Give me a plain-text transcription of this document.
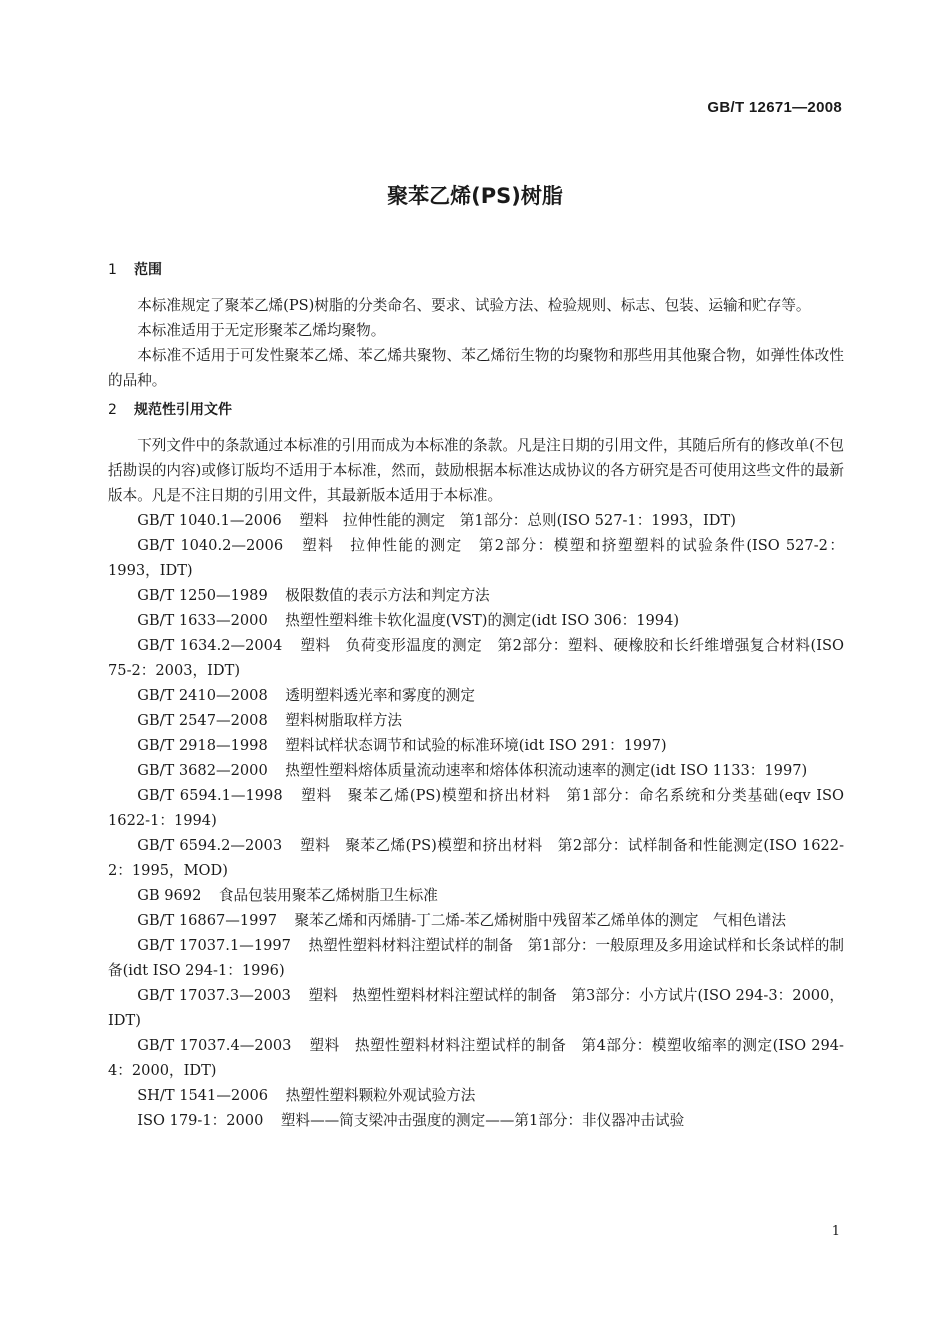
GB/T 12671—2008
聚苯乙烯(PS)树脂
1 范围

本标准规定了聚苯乙烯(PS)树脂的分类命名、要求、试验方法、检验规则、标志、包装、运输和贮存等。

本标准适用于无定形聚苯乙烯均聚物。

本标准不适用于可发性聚苯乙烯、苯乙烯共聚物、苯乙烯衍生物的均聚物和那些用其他聚合物，如弹性体改性的品种。

2 规范性引用文件

下列文件中的条款通过本标准的引用而成为本标准的条款。凡是注日期的引用文件，其随后所有的修改单(不包括勘误的内容)或修订版均不适用于本标准，然而，鼓励根据本标准达成协议的各方研究是否可使用这些文件的最新版本。凡是不注日期的引用文件，其最新版本适用于本标准。

GB/T 1040.1—2006 塑料　拉伸性能的测定　第1部分：总则(ISO 527-1：1993，IDT)

GB/T 1040.2—2006 塑料　拉伸性能的测定　第2部分：模塑和挤塑塑料的试验条件(ISO 527-2：1993，IDT)

GB/T 1250—1989 极限数值的表示方法和判定方法

GB/T 1633—2000 热塑性塑料维卡软化温度(VST)的测定(idt ISO 306：1994)

GB/T 1634.2—2004 塑料　负荷变形温度的测定　第2部分：塑料、硬橡胶和长纤维增强复合材料(ISO 75-2：2003，IDT)

GB/T 2410—2008 透明塑料透光率和雾度的测定

GB/T 2547—2008 塑料树脂取样方法

GB/T 2918—1998 塑料试样状态调节和试验的标准环境(idt ISO 291：1997)

GB/T 3682—2000 热塑性塑料熔体质量流动速率和熔体体积流动速率的测定(idt ISO 1133：1997)

GB/T 6594.1—1998 塑料　聚苯乙烯(PS)模塑和挤出材料　第1部分：命名系统和分类基础(eqv ISO 1622-1：1994)

GB/T 6594.2—2003 塑料　聚苯乙烯(PS)模塑和挤出材料　第2部分：试样制备和性能测定(ISO 1622-2：1995，MOD)

GB 9692 食品包装用聚苯乙烯树脂卫生标准

GB/T 16867—1997 聚苯乙烯和丙烯腈-丁二烯-苯乙烯树脂中残留苯乙烯单体的测定　气相色谱法

GB/T 17037.1—1997 热塑性塑料材料注塑试样的制备　第1部分：一般原理及多用途试样和长条试样的制备(idt ISO 294-1：1996)

GB/T 17037.3—2003 塑料　热塑性塑料材料注塑试样的制备　第3部分：小方试片(ISO 294-3：2000，IDT)

GB/T 17037.4—2003 塑料　热塑性塑料材料注塑试样的制备　第4部分：模塑收缩率的测定(ISO 294-4：2000，IDT)

SH/T 1541—2006 热塑性塑料颗粒外观试验方法

ISO 179-1：2000 塑料——简支梁冲击强度的测定——第1部分：非仪器冲击试验

1
